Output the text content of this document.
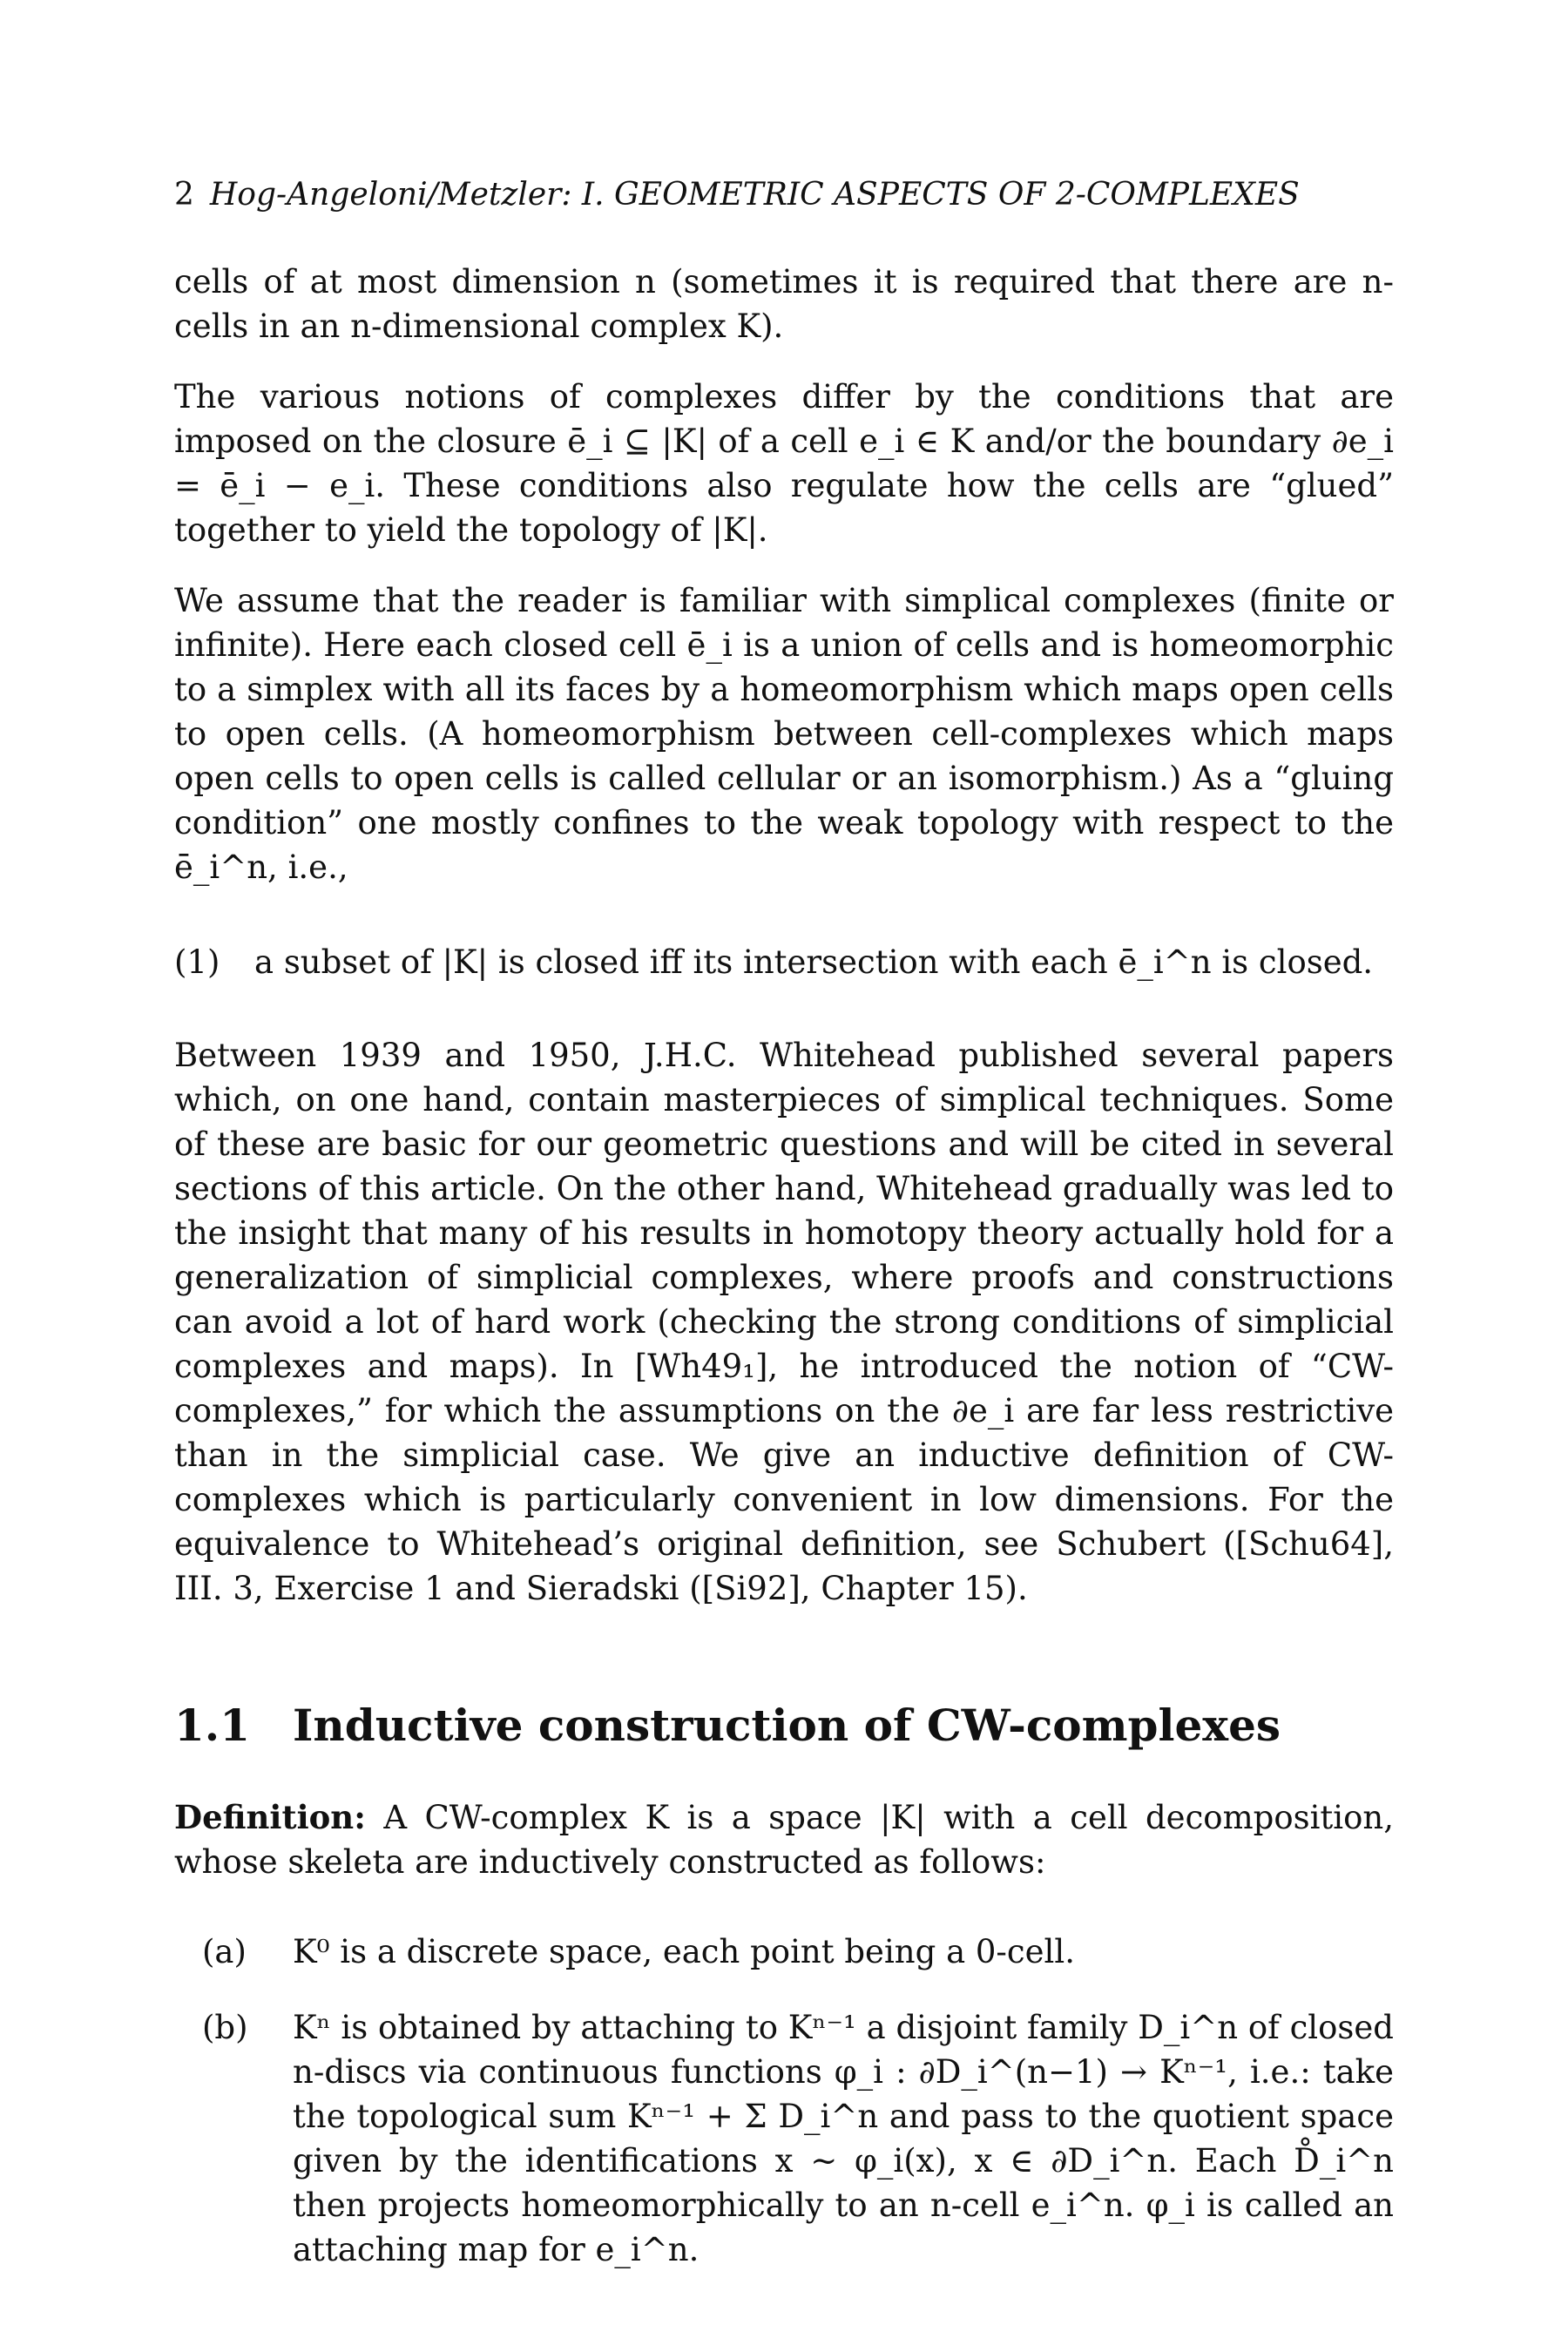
2 Hog-Angeloni/Metzler: I. GEOMETRIC ASPECTS OF 2-COMPLEXES

cells of at most dimension n (sometimes it is required that there are n-cells in an n-dimensional complex K).

The various notions of complexes differ by the conditions that are imposed on the closure ē_i ⊆ |K| of a cell e_i ∈ K and/or the boundary ∂e_i = ē_i − e_i. These conditions also regulate how the cells are “glued” together to yield the topology of |K|.

We assume that the reader is familiar with simplical complexes (finite or infinite). Here each closed cell ē_i is a union of cells and is homeomorphic to a simplex with all its faces by a homeomorphism which maps open cells to open cells. (A homeomorphism between cell-complexes which maps open cells to open cells is called cellular or an isomorphism.) As a “gluing condition” one mostly confines to the weak topology with respect to the ē_i^n, i.e.,

(1) a subset of |K| is closed iff its intersection with each ē_i^n is closed.

Between 1939 and 1950, J.H.C. Whitehead published several papers which, on one hand, contain masterpieces of simplical techniques. Some of these are basic for our geometric questions and will be cited in several sections of this article. On the other hand, Whitehead gradually was led to the insight that many of his results in homotopy theory actually hold for a generalization of simplicial complexes, where proofs and constructions can avoid a lot of hard work (checking the strong conditions of simplicial complexes and maps). In [Wh49₁], he introduced the notion of “CW-complexes,” for which the assumptions on the ∂e_i are far less restrictive than in the simplicial case. We give an inductive definition of CW-complexes which is particularly convenient in low dimensions. For the equivalence to Whitehead’s original definition, see Schubert ([Schu64], III. 3, Exercise 1 and Sieradski ([Si92], Chapter 15).

1.1 Inductive construction of CW-complexes

Definition: A CW-complex K is a space |K| with a cell decomposition, whose skeleta are inductively constructed as follows:

(a) K⁰ is a discrete space, each point being a 0-cell.
(b) Kⁿ is obtained by attaching to Kⁿ⁻¹ a disjoint family D_i^n of closed n-discs via continuous functions φ_i : ∂D_i^(n−1) → Kⁿ⁻¹, i.e.: take the topological sum Kⁿ⁻¹ + Σ D_i^n and pass to the quotient space given by the identifications x ~ φ_i(x), x ∈ ∂D_i^n. Each D̊_i^n then projects homeomorphically to an n-cell e_i^n. φ_i is called an attaching map for e_i^n.
